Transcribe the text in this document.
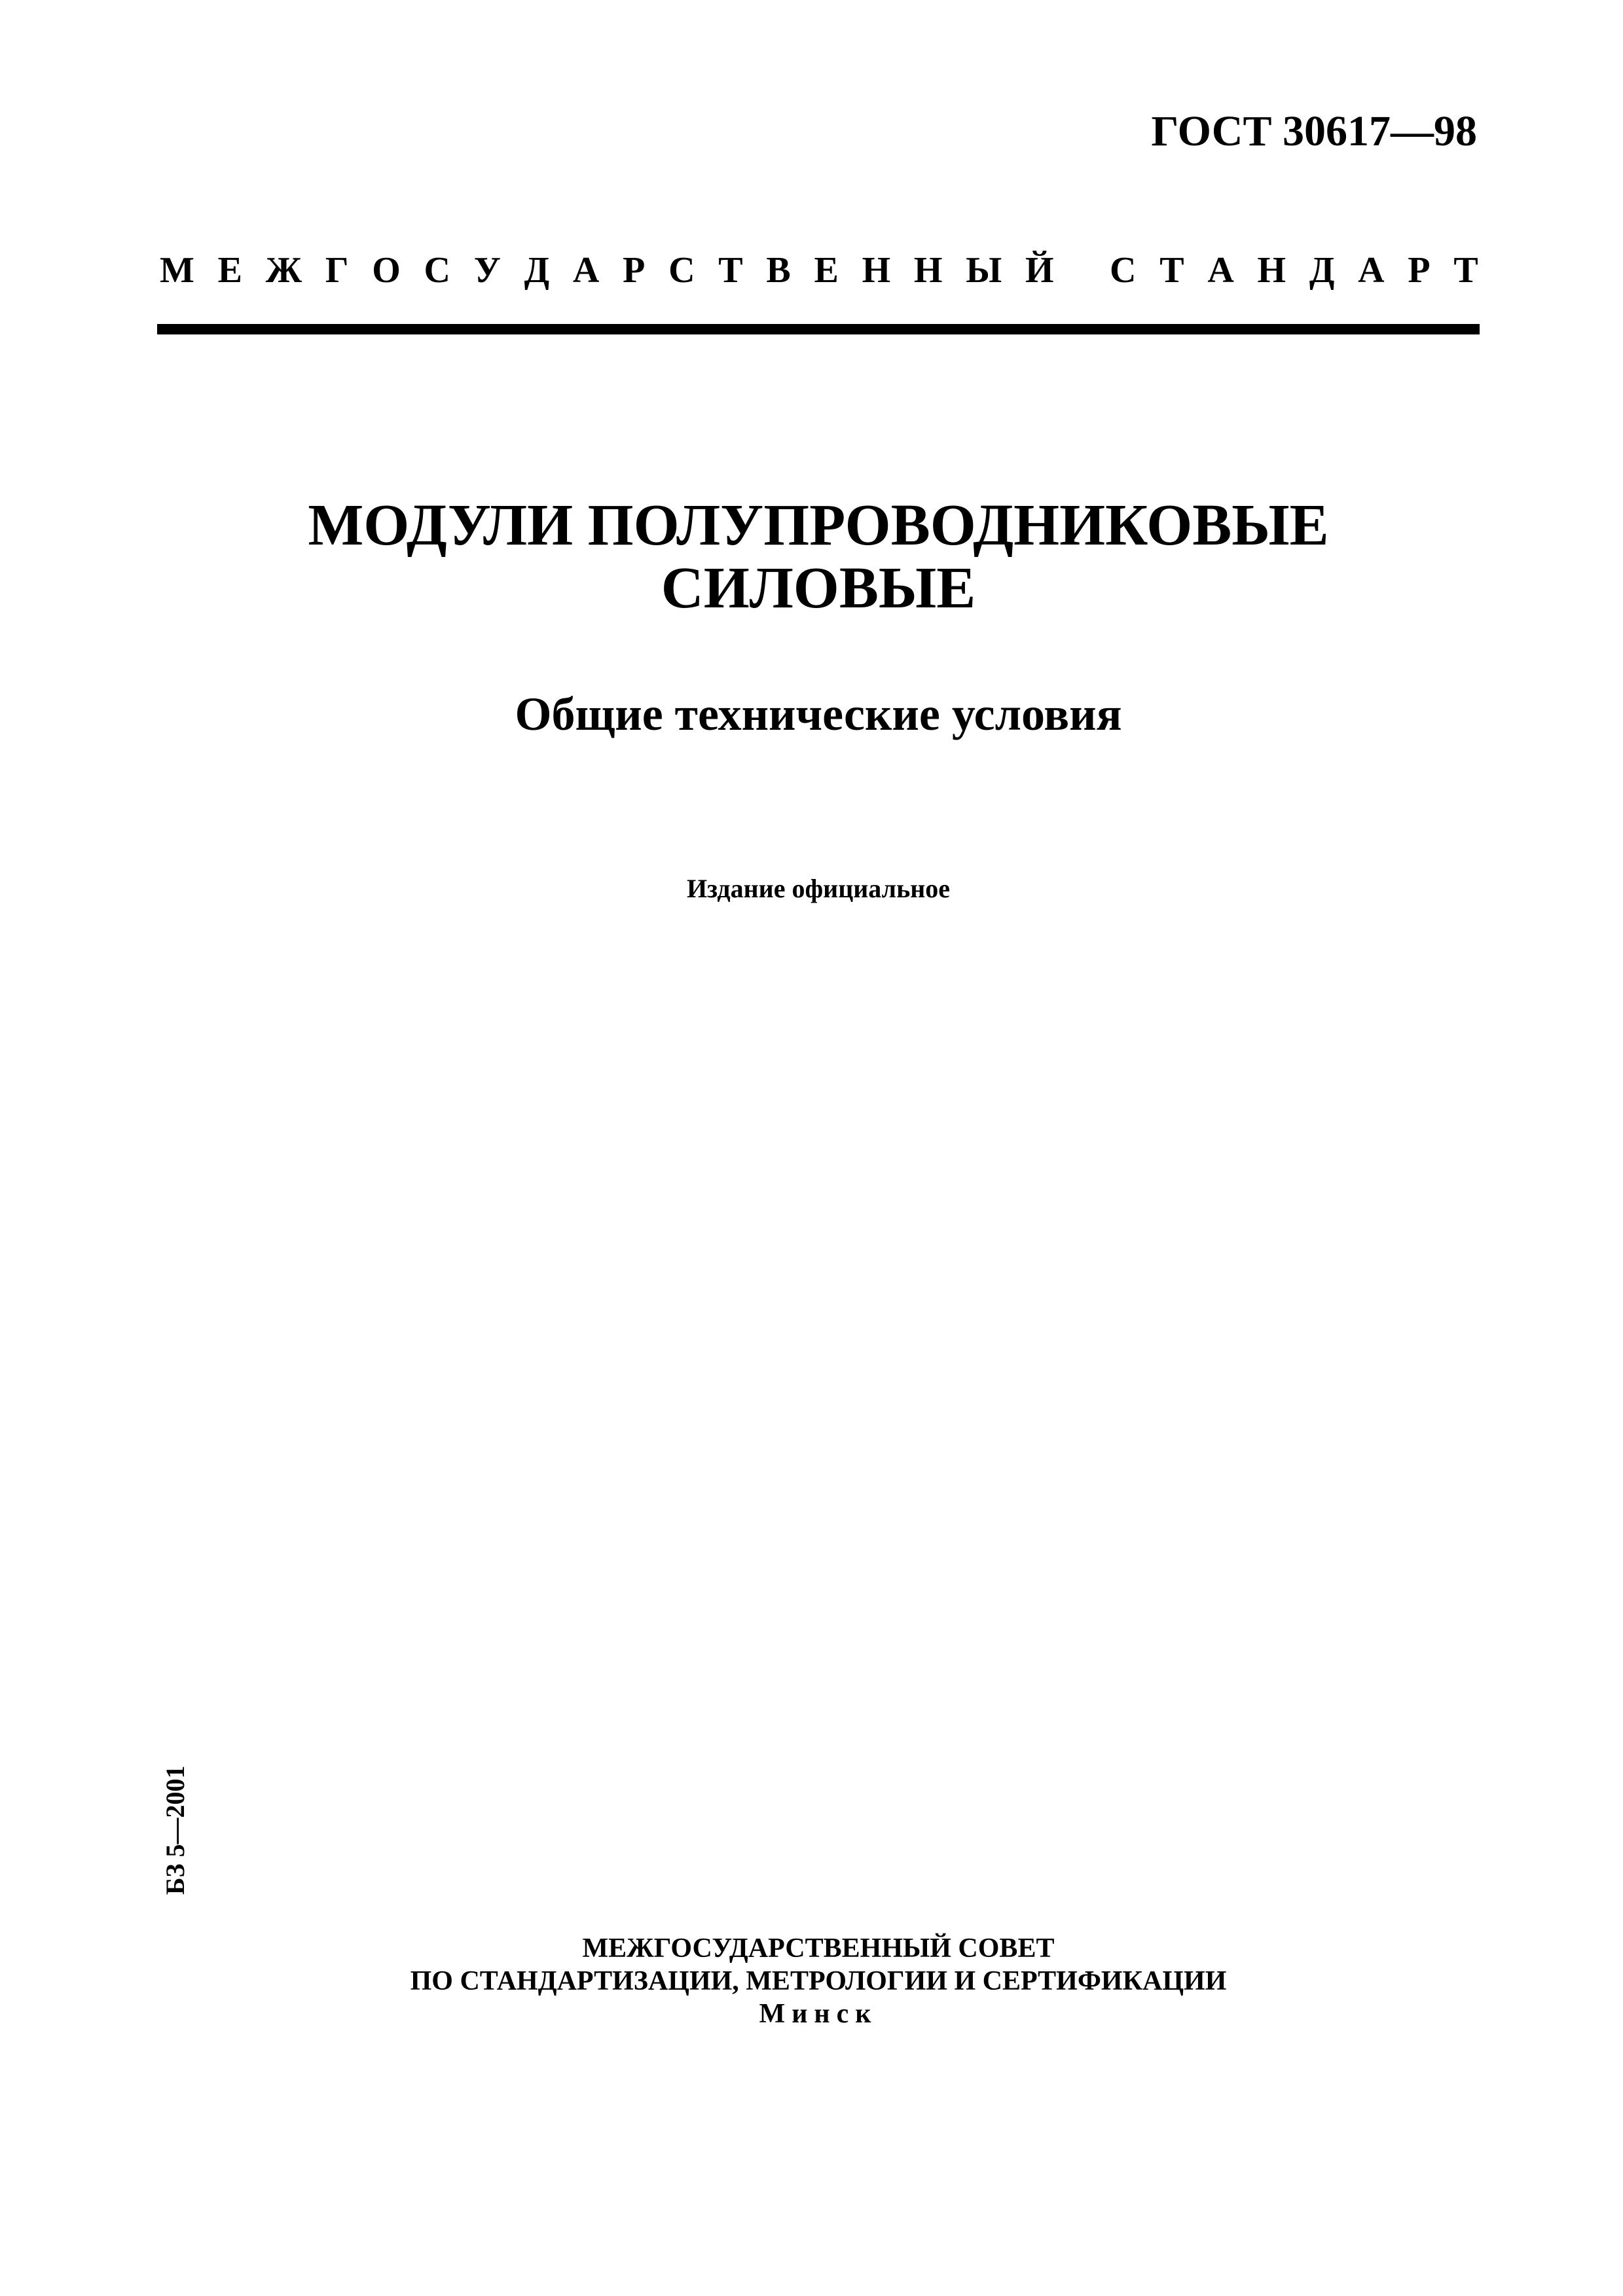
ГОСТ 30617—98
М Е Ж Г О С У Д А Р С Т В Е Н Н Ы Й
С Т А Н Д А Р Т
МОДУЛИ ПОЛУПРОВОДНИКОВЫЕ
СИЛОВЫЕ
Общие технические условия
Издание официальное
БЗ 5—2001
МЕЖГОСУДАРСТВЕННЫЙ СОВЕТ
ПО СТАНДАРТИЗАЦИИ, МЕТРОЛОГИИ И СЕРТИФИКАЦИИ
Минск
